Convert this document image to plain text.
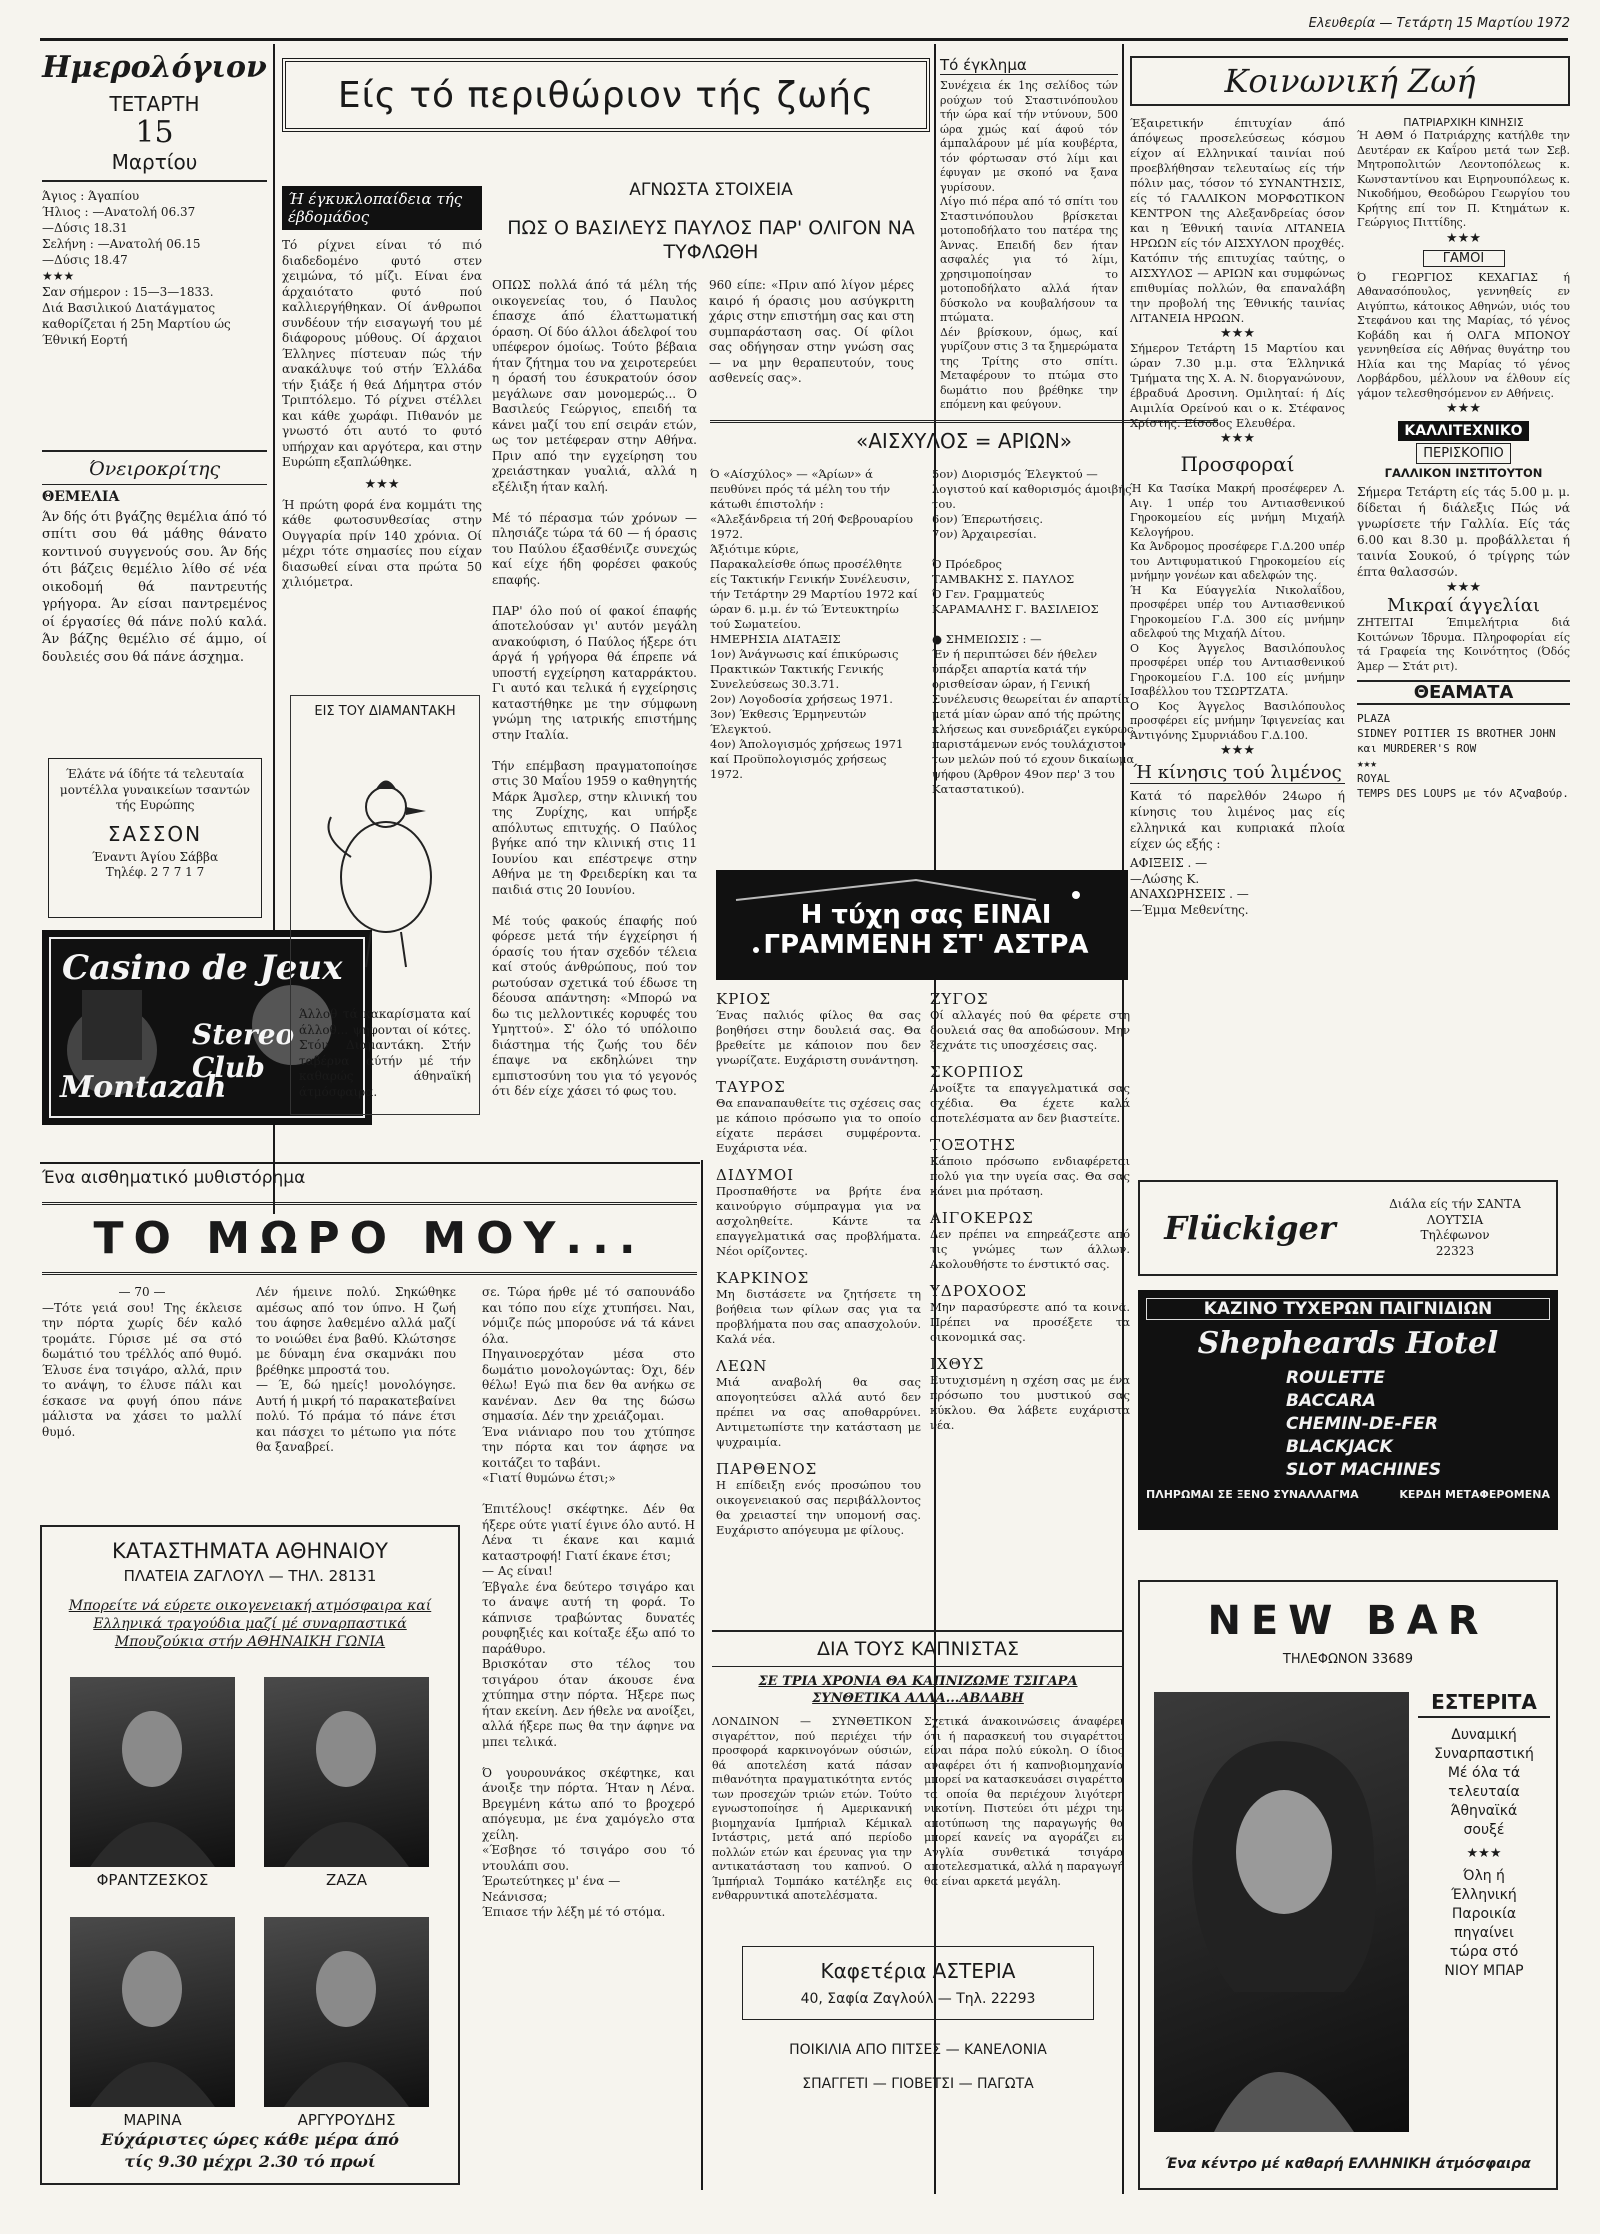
Ελευθερία — Τετάρτη 15 Μαρτίου 1972
Ημερολόγιον
ΤΕΤΑΡΤΗ
15
Μαρτίου
Άγιος : Άγαπίου
Ήλιος : —Ανατολή 06.37
—Δύσις 18.31
Σελήνη : —Ανατολή 06.15
—Δύσις 18.47
★★★
Σαν σήμερον : 15—3—1833.
Διά Βασιλικού Διατάγματος καθορίζεται ή 25η Μαρτίου ώς Έθνική Εορτή
Όνειροκρίτης
ΘΕΜΕΛΙΑ
Άν δής ότι βγάζης θεμέλια άπό τό σπίτι σου θά μάθης θάνατο κοντινού συγγενούς σου. Άν δής ότι βάζεις θεμέλιο λίθο σέ νέα οικοδομή θά παντρευτής γρήγορα. Άν είσαι παντρεμένος οί έργασίες θά πάνε πολύ καλά. Άν βάζης θεμέλιο σέ άμμο, οί δουλειές σου θά πάνε άσχημα.
Έλάτε νά ίδήτε τά τελευταία μοντέλλα γυναικείων τσαντών τής Ευρώπης
ΣΑΣΣΟΝ
Έναντι Άγίου Σάββα
Τηλέφ. 2 7 7 1 7
Casino de Jeux
Stereo Club
Montazah
Είς τό περιθώριον τής ζωής
Ή έγκυκλοπαίδεια τής έβδομάδος
Τό ρίχνει είναι τό πιό διαδεδομένο φυτό στεν χειμώνα, τό μίζι. Είναι ένα άρχαιότατο φυτό πού καλλιεργήθηκαν. Οί άνθρωποι συνδέουν τήν εισαγωγή του μέ διάφορους μύθους. Οί άρχαιοι Έλληνες πίστευαν πώς τήν ανακάλυψε τού στήν Έλλάδα τήν ξιάξε ή θεά Δήμητρα στόν Τριπτόλεμο. Τό ρίχνει στέλλει και κάθε χωράφι. Πιθανόν με γνωστό ότι αυτό το φυτό υπήρχαν και αργότερα, και στην Ευρώπη εξαπλώθηκε.
★★★
Ή πρώτη φορά ένα κομμάτι της κάθε φωτοσυνθεσίας στην Ουγγαρία πρίν 140 χρόνια. Οί μέχρι τότε σημασίες που είχαν διασωθεί είναι στα πρώτα 50 χιλιόμετρα.
ΕΙΣ ΤΟΥ ΔΙΑΜΑΝΤΑΚΗ
Άλλοθ τά κακαρίσματα καί άλλοθ... ψηφονται οί κότες. Στόν Διαμαντάκη. Στήν ταβέρνα αύτήν μέ τήν καθαρώς άθηναϊκή άτμόσφαιρα.
ΑΓΝΩΣΤΑ ΣΤΟΙΧΕΙΑ
ΠΩΣ Ο ΒΑΣΙΛΕΥΣ ΠΑΥΛΟΣ ΠΑΡ' ΟΛΙΓΟΝ ΝΑ ΤΥΦΛΩΘΗ
ΟΠΩΣ πολλά άπό τά μέλη τής οικογενείας του, ό Παυλος έπασχε άπό έλαττωματική όραση. Οί δύο άλλοι άδελφοί του υπέφερον όμοίως. Τούτο βέβαια ήταν ζήτημα του να χειροτερεύει η όρασή του έσυκρατούν όσον μεγάλωνε σαν μονομερώς... Ό Βασιλεύς Γεώργιος, επειδή τα κάνει μαζί του επί σειράν ετών, ως τον μετέφεραν στην Αθήνα. Πριν από την εγχείρηση του χρειάστηκαν γυαλιά, αλλά η εξέλιξη ήταν καλή.

Μέ τό πέρασμα τών χρόνων — πλησιάζε τώρα τά 60 — ή όρασις του Παύλου έξασθένιζε συνεχώς καί είχε ήδη φορέσει φακούς επαφής.

ΠΑΡ' όλο πού οί φακοί έπαφής άποτελούσαν γι' αυτόν μεγάλη ανακούφιση, ό Παύλος ήξερε ότι άργά ή γρήγορα θά έπρεπε νά υποστή εγχείρηση καταρράκτου. Γι αυτό και τελικά ή εγχείρησις καταστήθηκε με την σύμφωνη γνώμη της ιατρικής επιστήμης στην Ιταλία.

Τήν επέμβαση πραγματοποίησε στις 30 Μαΐου 1959 ο καθηγητής Μάρκ Άμσλερ, στην κλινική του της Ζυρίχης, και υπήρξε απόλυτως επιτυχής. Ο Παύλος βγήκε από την κλινική στις 11 Ιουνίου και επέστρεψε στην Αθήνα με τη Φρειδερίκη και τα παιδιά στις 20 Ιουνίου.

Μέ τούς φακούς έπαφής πού φόρεσε μετά τήν έγχείρησι ή όρασίς του ήταν σχεδόν τέλεια καί στούς άνθρώπους, πού τον ρωτούσαν σχετικά τού έδωσε τη δέουσα απάντηση: «Μπορώ να δω τις μελλοντικές κορυφές του Υμηττού». Σ' όλο τό υπόλοιπο διάστημα τής ζωής του δέν έπαψε να εκδηλώνει την εμπιστοσύνη του για τό γεγονός ότι δέν είχε χάσει τό φως του.
960 είπε: «Πριν από λίγον μέρες καιρό ή όρασις μου ασύγκριτη χάρις στην επιστήμη σας και στη συμπαράσταση σας. Οί φίλοι σας οδήγησαν στην γνώση σας — να μην θεραπευτούν, τους ασθενείς σας».
«ΑΙΣΧΥΛΟΣ = ΑΡΙΩΝ»
Ό «Αίσχύλος» — «Άρίων» ά πευθύνει πρός τά μέλη του τήν κάτωθι έπιστολήν :
«Άλεξάνδρεια τή 20ή Φεβρουαρίου 1972.
Άξιότιμε κύριε,
Παρακαλείσθε όπως προσέλθητε είς Τακτικήν Γενικήν Συνέλευσιν, τήν Τετάρτην 29 Μαρτίου 1972 καί ώραν 6. μ.μ. έν τώ Έντευκτηρίω τού Σωματείου.
ΗΜΕΡΗΣΙΑ ΔΙΑΤΑΞΙΣ
1ον) Άνάγνωσις καί έπικύρωσις Πρακτικών Τακτικής Γενικής Συνελεύσεως 30.3.71.
2ον) Λογοδοσία χρήσεως 1971.
3ον) Έκθεσις Έρμηνευτών Έλεγκτού.
4ον) Άπολογισμός χρήσεως 1971 καί Προϋπολογισμός χρήσεως 1972.
5ον) Διορισμός Έλεγκτού — λογιστού καί καθορισμός άμοιβής του.
6ον) Έπερωτήσεις.
7ον) Άρχαιρεσίαι.

Ό Πρόεδρος
ΤΑΜΒΑΚΗΣ Σ. ΠΑΥΛΟΣ
Ό Γεν. Γραμματεύς
ΚΑΡΑΜΑΛΗΣ Γ. ΒΑΣΙΛΕΙΟΣ

● ΣΗΜΕΙΩΣΙΣ : —
Έν ή περιπτώσει δέν ήθελεν ύπάρξει απαρτία κατά τήν ορισθείσαν ώραν, ή Γενική Συνέλευσις θεωρείται έν απαρτία μετά μίαν ώραν από τής πρώτης κλήσεως και συνεδριάζει εγκύρως παριστάμενων ενός τουλάχιστον των μελών πού τό εχουν δικαίωμα ψήφου (Άρθρον 49ον περ' 3 του Καταστατικού).
Η τύχη σας ΕΙΝΑΙ ΓΡΑΜΜΕΝΗ ΣΤ' ΑΣΤΡΑ
ΚΡΙΟΣ
Ένας παλιός φίλος θα σας βοηθήσει στην δουλειά σας. Θα βρεθείτε με κάποιον που δεν γνωρίζατε. Ευχάριστη συνάντηση.
ΤΑΥΡΟΣ
Θα επαναπαυθείτε τις σχέσεις σας με κάποιο πρόσωπο για το οποίο είχατε περάσει συμφέροντα. Ευχάριστα νέα.
ΔΙΔΥΜΟΙ
Προσπαθήστε να βρήτε ένα καινούργιο σύμπραγμα για να ασχοληθείτε. Κάντε τα επαγγελματικά σας προβλήματα. Νέοι ορίζοντες.
ΚΑΡΚΙΝΟΣ
Μη διστάσετε να ζητήσετε τη βοήθεια των φίλων σας για τα προβλήματα που σας απασχολούν. Καλά νέα.
ΛΕΩΝ
Μιά αναβολή θα σας απογοητεύσει αλλά αυτό δεν πρέπει να σας αποθαρρύνει. Αντιμετωπίστε την κατάσταση με ψυχραιμία.
ΠΑΡΘΕΝΟΣ
Η επίδειξη ενός προσώπου του οικογενειακού σας περιβάλλοντος θα χρειαστεί την υπομονή σας. Ευχάριστο απόγευμα με φίλους.
ΖΥΓΟΣ
Οί αλλαγές πού θα φέρετε στη δουλειά σας θα αποδώσουν. Μην ξεχνάτε τις υποσχέσεις σας.
ΣΚΟΡΠΙΟΣ
Ανοίξτε τα επαγγελματικά σας σχέδια. Θα έχετε καλά αποτελέσματα αν δεν βιαστείτε.
ΤΟΞΟΤΗΣ
Κάποιο πρόσωπο ενδιαφέρεται πολύ για την υγεία σας. Θα σας κάνει μια πρόταση.
ΑΙΓΟΚΕΡΩΣ
Δεν πρέπει να επηρεάζεστε από τις γνώμες των άλλων. Ακολουθήστε το ένστικτό σας.
ΥΔΡΟΧΟΟΣ
Μην παρασύρεστε από τα κοινά. Πρέπει να προσέξετε τα οικονομικά σας.
ΙΧΘΥΣ
Ευτυχισμένη η σχέση σας με ένα πρόσωπο του μυστικού σας κύκλου. Θα λάβετε ευχάριστα νέα.
ΔΙΑ ΤΟΥΣ ΚΑΠΝΙΣΤΑΣ
ΣΕ ΤΡΙΑ ΧΡΟΝΙΑ ΘΑ ΚΑΠΝΙΖΩΜΕ ΤΣΙΓΑΡΑ ΣΥΝΘΕΤΙΚΑ ΑΛΛΑ...ΑΒΛΑΒΗ
ΛΟΝΔΙΝΟΝ — ΣΥΝΘΕΤΙΚΟΝ σιγαρέττον, πού περιέχει τήν προσφορά καρκινογόνων ούσιών, θά αποτελέση κατά πάσαν πιθανότητα πραγματικότητα εντός των προσεχών τριών ετών. Τούτο εγνωστοποίησε ή Αμερικανική βιομηχανία Ιμπήριαλ Κέμικαλ Ιντάστρις, μετά από περίοδο πολλών ετών και έρευνας για την αντικατάσταση του καπνού. Ο Ίμπήριαλ Τομπάκο κατέληξε εις ενθαρρυντικά αποτελέσματα.
Σχετικά άνακοινώσεις άναφέρει ότι ή παρασκευή του σιγαρέττου είναι πάρα πολύ εύκολη. Ο ίδιος αναφέρει ότι ή καπνοβιομηχανία μπορεί να κατασκευάσει σιγαρέττα τα οποία θα περιέχουν λιγότερη νικοτίνη. Πιστεύει ότι μέχρι την αποτύπωση της παραγωγής θα μπορεί κανείς να αγοράζει εν Αγγλία συνθετικά τσιγάρα αποτελεσματικά, αλλά η παραγωγή θα είναι αρκετά μεγάλη.
Καφετέρια ΑΣΤΕΡΙΑ
40, Σαφία Ζαγλούλ — Τηλ. 22293
ΠΟΙΚΙΛΙΑ ΑΠΟ ΠΙΤΣΕΣ — ΚΑΝΕΛΟΝΙΑ
ΣΠΑΓΓΕΤΙ — ΓΙΟΒΕΤΣΙ — ΠΑΓΩΤΑ
Τό έγκλημα
Συνέχεια έκ 1ης σελίδος τών ρούχων τού Σταστινόπουλου τήν ώρα καί τήν ντύνουν, 500 ώρα χμώς καί άφού τόν άμπαλάρουν μέ μία κουβέρτα, τόν φόρτωσαν στό λίμι και έφυγαν με σκοπό να ξανα γυρίσουν.
Λίγο πιό πέρα από τό σπίτι του Σταστινόπουλου βρίσκεται μοτοποδήλατο του πατέρα της Άννας. Επειδή δεν ήταν ασφαλές για τό λίμι, χρησιμοποίησαν το μοτοποδήλατο αλλά ήταν δύσκολο να κουβαλήσουν τα πτώματα.
Δέν βρίσκουν, όμως, καί γυρίζουν στις 3 τα ξημερώματα της Τρίτης στο σπίτι. Μεταφέρουν το πτώμα στο δωμάτιο που βρέθηκε την επόμενη και φεύγουν.
Κοινωνική Ζωή
Έξαιρετικήν έπιτυχίαν άπό άπόψεως προσελεύσεως κόσμου είχον αί Ελληνικαί ταινίαι πού προεβλήθησαν τελευταίως είς τήν πόλιν μας, τόσον τό ΣΥΝΑΝΤΗΣΙΣ, είς τό ΓΑΛΛΙΚΟΝ ΜΟΡΦΩΤΙΚΟΝ ΚΕΝΤΡΟΝ της Αλεξανδρείας όσον και η Έθνική ταινία ΛΙΤΑΝΕΙΑ ΗΡΩΩΝ είς τόν ΑΙΣΧΥΛΟΝ προχθές.
Κατόπιν τής επιτυχίας ταύτης, ο ΑΙΣΧΥΛΟΣ — ΑΡΙΩΝ και συμφώνως επιθυμίας πολλών, θα επαναλάβη την προβολή της Έθνικής ταινίας ΛΙΤΑΝΕΙΑ ΗΡΩΩΝ.
★★★
Σήμερον Τετάρτη 15 Μαρτίου και ώραν 7.30 μ.μ. στα Έλληνικά Τμήματα της Χ. Α. Ν. διοργανώνουν, έβραδυά Δροσινη. Ομιληταί: ή Δίς Αιμιλία Ορείνού και ο κ. Στέφανος Χρίστης. Είσοδος Ελευθέρα.
★★★
Προσφοραί
Ή Κα Τασίκα Μακρή προσέφερεν Λ. Αιγ. 1 υπέρ του Αντιασθενικού Γηροκομείου είς μνήμη Μιχαήλ Κελογήρου.
Κα Άνδρομος προσέφερε Γ.Δ.200 υπέρ του Αντιφυματικού Γηροκομείου είς μνήμην γονέων και αδελφών της.
Ή Κα Εύαγγελία Νικολαΐδου, προσφέρει υπέρ του Αντιασθενικού Γηροκομείου Γ.Δ. 300 είς μνήμην αδελφού της Μιχαήλ Δίτου.
Ο Κος Άγγελος Βασιλόπουλος προσφέρει υπέρ του Αντιασθενικού Γηροκομείου Γ.Δ. 100 είς μνήμην Ισαβέλλου του ΤΣΩΡΤΖΑΤΑ.
Ο Κος Άγγελος Βασιλόπουλος προσφέρει είς μνήμην Ίφιγενείας και Άντιγόνης Σμυρνιάδου Γ.Δ.100.
★★★
Ή κίνησις τού λιμένος
Κατά τό παρελθόν 24ωρο ή κίνησις του λιμένος μας είς ελληνικά και κυπριακά πλοία είχεν ώς εξής :
ΑΦΙΞΕΙΣ . —
—Λώσης Κ.
ΑΝΑΧΩΡΗΣΕΙΣ . —
—Έμμα Μεθενίτης.
ΠΑΤΡΙΑΡΧΙΚΗ ΚΙΝΗΣΙΣ
Ή ΑΘΜ ό Πατριάρχης κατήλθε την Δευτέραν εκ Καΐρου μετά των Σεβ. Μητροπολιτών Λεοντοπόλεως κ. Κωνσταντίνου και Ειρηνουπόλεως κ. Νικοδήμου, Θεοδώρου Γεωργίου του Κρήτης επί τον Π. Κτημάτων κ. Γεώργιος Πιττίδης.
★★★
ΓΑΜΟΙ
Ό ΓΕΩΡΓΙΟΣ ΚΕΧΑΓΙΑΣ ή Αθανασόπουλος, γεννηθείς εν Αιγύπτω, κάτοικος Αθηνών, υιός του Στεφάνου και της Μαρίας, τό γένος Κοβάδη και ή ΟΛΓΑ ΜΠΟΝΟΥ γεννηθείσα είς Αθήνας θυγάτηρ του Ηλία και της Μαρίας τό γένος Λορβάρδου, μέλλουν να έλθουν είς γάμον τελεσθησόμενον εν Αθήνεις.
★★★
ΚΑΛΛΙΤΕΧΝΙΚΟ ΠΕΡΙΣΚΟΠΙΟ
ΓΑΛΛΙΚΟΝ ΙΝΣΤΙΤΟΥΤΟΝ
Σήμερα Τετάρτη είς τάς 5.00 μ. μ. δίδεται ή διάλεξις Πώς νά γνωρίσετε τήν Γαλλία. Είς τάς 6.00 και 8.30 μ. προβάλλεται ή ταινία Σουκού, ό τρίγρης τών έπτα θαλασσών.
★★★
Μικραί άγγελίαι
ΖΗΤΕΙΤΑΙ Έπιμελήτρια διά Κοιτώνων Ίδρυμα. Πληροφορίαι είς τά Γραφεία της Κοινότητος (Όδός Άμερ — Στάτ ριτ).
ΘΕΑΜΑΤΑ
PLAZA
SIDNEY POITIER IS BROTHER JOHN και MURDERER'S ROW
★★★
ROYAL
TEMPS DES LOUPS με τόν Αζναβούρ.
Flückiger
Διάλα είς τήν ΣΑΝΤΑ ΛΟΥΤΣΙΑ
Τηλέφωνον
22323
ΚΑΖΙΝΟ ΤΥΧΕΡΩΝ ΠΑΙΓΝΙΔΙΩΝ
Shepheards Hotel
ROULETTE
BACCARA
CHEMIN-DE-FER
BLACKJACK
SLOT MACHINES
ΠΛΗΡΩΜΑΙ ΣΕ ΞΕΝΟ ΣΥΝΑΛΛΑΓΜΑ	ΚΕΡΔΗ ΜΕΤΑΦΕΡΟΜΕΝΑ
NEW BAR
ΤΗΛΕΦΩΝΟΝ 33689
ΕΣΤΕΡΙΤΑ
Δυναμική
Συναρπαστική
Μέ όλα τά
τελευταία
Άθηναϊκά
σουξέ
★★★
Όλη ή
Έλληνική
Παροικία
πηγαίνει
τώρα στό
ΝΙΟΥ ΜΠΑΡ
Ένα κέντρο μέ καθαρή ΕΛΛΗΝΙΚΗ άτμόσφαιρα
Ένα αισθηματικό μυθιστόρημα
ΤΟ ΜΩΡΟ ΜΟΥ...
— 70 —
—Τότε γειά σου! Της έκλεισε την πόρτα χωρίς δέν καλό τρομάτε. Γύρισε μέ σα στό δωμάτιό του τρέλλός από θυμό. Έλυσε ένα τσιγάρο, αλλά, πριν το ανάψη, το έλυσε πάλι και έσκασε να φυγή όπου πάνε μάλιστα να χάσει το μαλλί θυμό.
Λέν ήμεινε πολύ. Σηκώθηκε αμέσως από τον ύπνο. Η ζωή του άφησε λαθεμένο αλλά μαζί το νοιώθει ένα βαθύ. Κλώτσησε με δύναμη ένα σκαμνάκι που βρέθηκε μπροστά του.
— Έ, δώ ημείς! μονολόγησε. Αυτή ή μικρή τό παρακατεβαίνει πολύ. Τό πράμα τό πάνε έτσι και πάσχει το μέτωπο για πότε θα ξαναβρεί.
σε. Τώρα ήρθε μέ τό σαπουνάδο και τόπο που είχε χτυπήσει. Ναι, νόμιζε πώς μπορούσε νά τά κάνει όλα.
Πηγαινοερχόταν μέσα στο δωμάτιο μονολογώντας: Όχι, δέν θέλω! Εγώ πια δεν θα ανήκω σε κανέναν. Δεν θα της δώσω σημασία. Δέν την χρειάζομαι.
Ένα νιάνιαρο που του χτύπησε την πόρτα και τον άφησε να κοιτάζει το ταβάνι.
«Γιατί θυμώνω έτσι;»

Έπιτέλους! σκέφτηκε. Δέν θα ήξερε ούτε γιατί έγινε όλο αυτό. Η Λένα τι έκανε και καμιά καταστροφή! Γιατί έκανε έτσι;
— Ας είναι!
Έβγαλε ένα δεύτερο τσιγάρο και το άναψε αυτή τη φορά. Το κάπνισε τραβώντας δυνατές ρουφηξιές και κοίταξε έξω από το παράθυρο.
Βρισκόταν στο τέλος του τσιγάρου όταν άκουσε ένα χτύπημα στην πόρτα. Ήξερε πως ήταν εκείνη. Δεν ήθελε να ανοίξει, αλλά ήξερε πως θα την άφηνε να μπει τελικά.

Ό γουρουνάκος σκέφτηκε, και άνοιξε την πόρτα. Ήταν η Λένα. Βρεγμένη κάτω από το βροχερό απόγευμα, με ένα χαμόγελο στα χείλη.
«Έσβησε τό τσιγάρο σου τό ντουλάπι σου.
Έρωτεύτηκες μ' ένα —
Νεάνισσα;
Έπιασε τήν λέξη μέ τό στόμα.
ΚΑΤΑΣΤΗΜΑΤΑ ΑΘΗΝΑΙΟΥ
ΠΛΑΤΕΙΑ ΖΑΓΛΟΥΛ — ΤΗΛ. 28131
Μπορείτε νά εύρετε οικογενειακή ατμόσφαιρα καί Ελληνικά τραγούδια μαζί μέ συναρπαστικά Μπουζούκια στήν ΑΘΗΝΑΙΚΗ ΓΩΝΙΑ
ΦΡΑΝΤΖΕΣΚΟΣ	ΖΑΖΑ
ΜΑΡΙΝΑ	ΑΡΓΥΡΟΥΔΗΣ
Εύχάριστες ώρες κάθε μέρα άπό
τίς 9.30 μέχρι 2.30 τό πρωί
